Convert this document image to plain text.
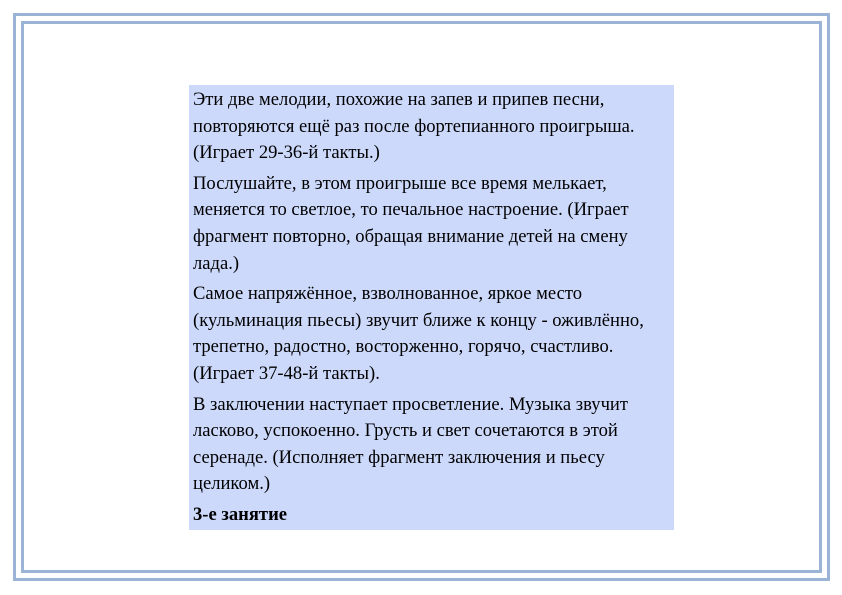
Эти две мелодии, похожие на запев и припев песни, повторяются ещё раз после фортепианного проигрыша. (Играет 29-36-й такты.)

Послушайте, в этом проигрыше все время мелькает, меняется то светлое, то печальное настроение. (Играет фрагмент повторно, обращая внимание детей на смену лада.)

Самое напряжённое, взволнованное, яркое место (кульминация пьесы) звучит ближе к концу - оживлённо, трепетно, радостно, восторженно, горячо, счастливо. (Играет 37-48-й такты).

В заключении наступает просветление. Музыка звучит ласково, успокоенно. Грусть и свет сочетаются в этой серенаде. (Исполняет фрагмент заключения и пьесу целиком.)

3-е занятие
